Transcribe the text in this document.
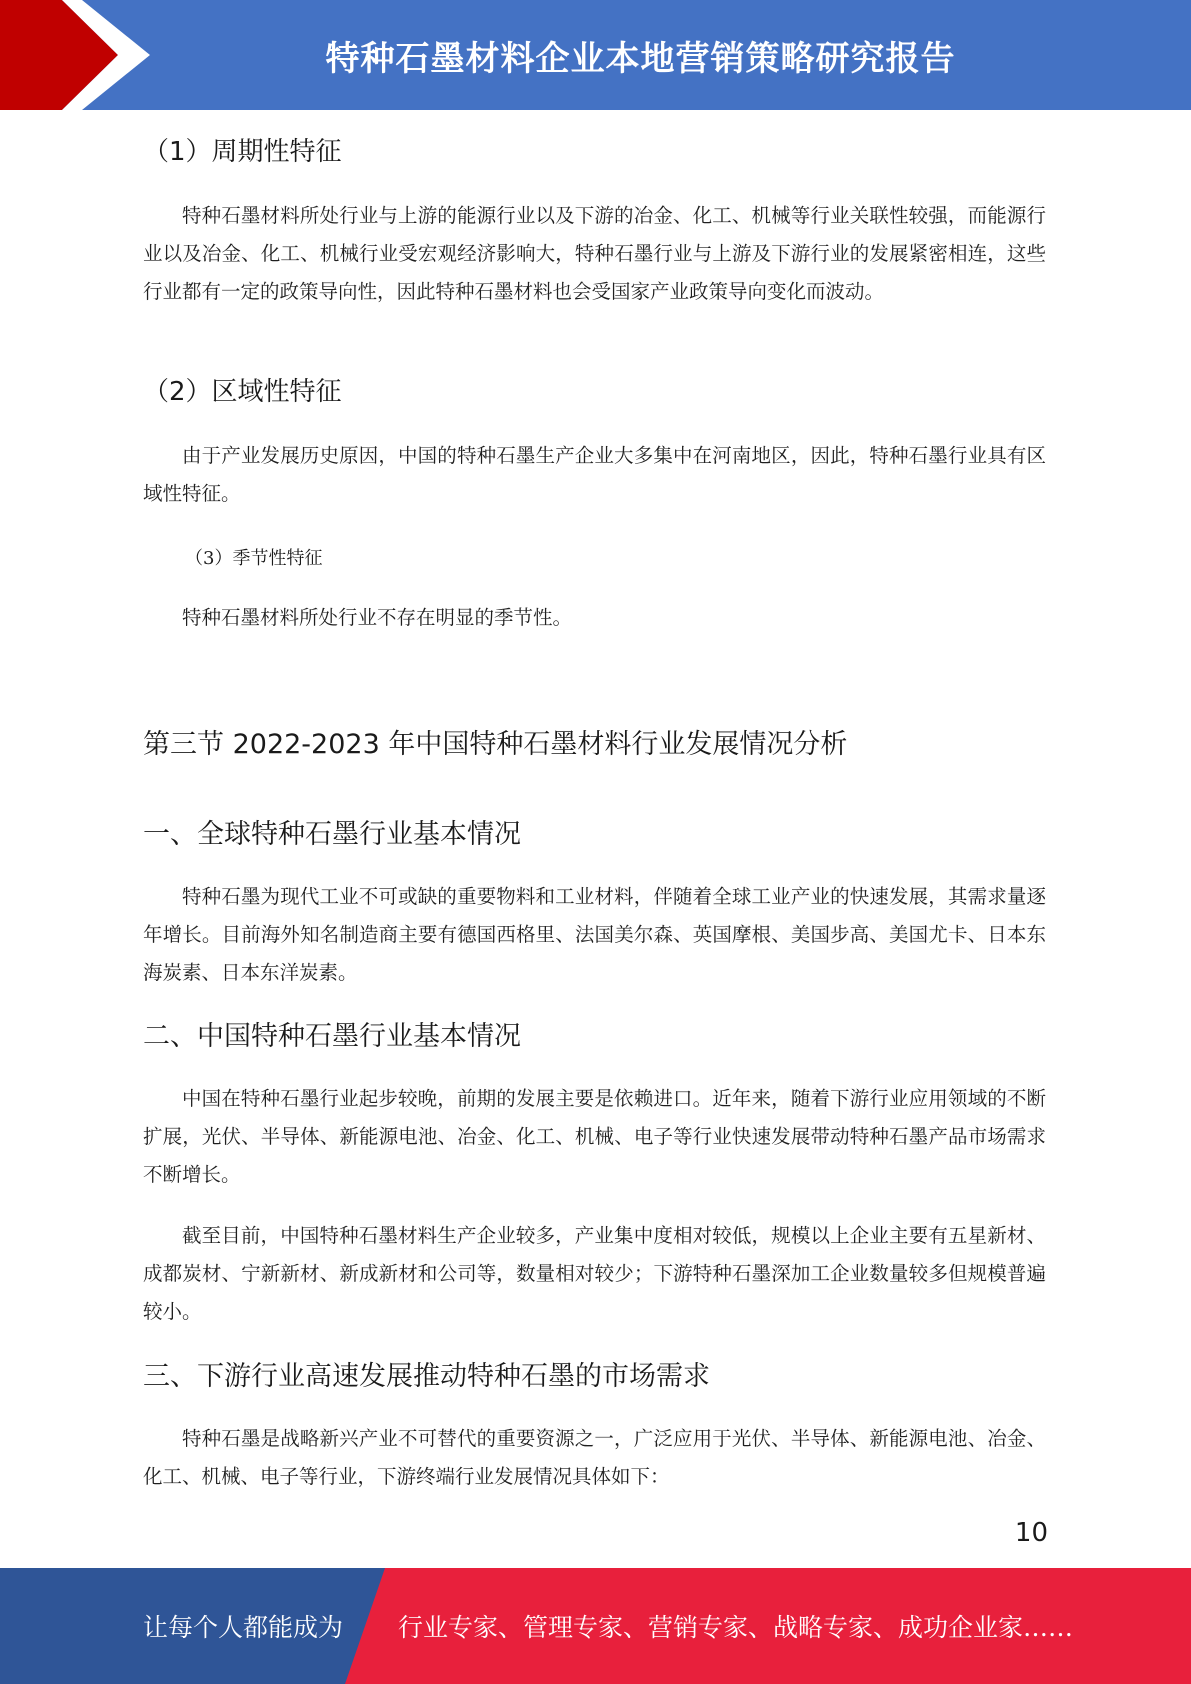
特种石墨材料企业本地营销策略研究报告
（1）周期性特征

特种石墨材料所处行业与上游的能源行业以及下游的冶金、化工、机械等行业关联性较强，而能源行业以及冶金、化工、机械行业受宏观经济影响大，特种石墨行业与上游及下游行业的发展紧密相连，这些行业都有一定的政策导向性，因此特种石墨材料也会受国家产业政策导向变化而波动。

（2）区域性特征

由于产业发展历史原因，中国的特种石墨生产企业大多集中在河南地区，因此，特种石墨行业具有区域性特征。

（3）季节性特征

特种石墨材料所处行业不存在明显的季节性。

第三节 2022-2023 年中国特种石墨材料行业发展情况分析
一、全球特种石墨行业基本情况

特种石墨为现代工业不可或缺的重要物料和工业材料，伴随着全球工业产业的快速发展，其需求量逐年增长。目前海外知名制造商主要有德国西格里、法国美尔森、英国摩根、美国步高、美国尤卡、日本东海炭素、日本东洋炭素。

二、中国特种石墨行业基本情况

中国在特种石墨行业起步较晚，前期的发展主要是依赖进口。近年来，随着下游行业应用领域的不断扩展，光伏、半导体、新能源电池、冶金、化工、机械、电子等行业快速发展带动特种石墨产品市场需求不断增长。

截至目前，中国特种石墨材料生产企业较多，产业集中度相对较低，规模以上企业主要有五星新材、成都炭材、宁新新材、新成新材和公司等，数量相对较少；下游特种石墨深加工企业数量较多但规模普遍较小。

三、下游行业高速发展推动特种石墨的市场需求

特种石墨是战略新兴产业不可替代的重要资源之一，广泛应用于光伏、半导体、新能源电池、冶金、化工、机械、电子等行业，下游终端行业发展情况具体如下：

10
让每个人都能成为 行业专家、管理专家、营销专家、战略专家、成功企业家……
